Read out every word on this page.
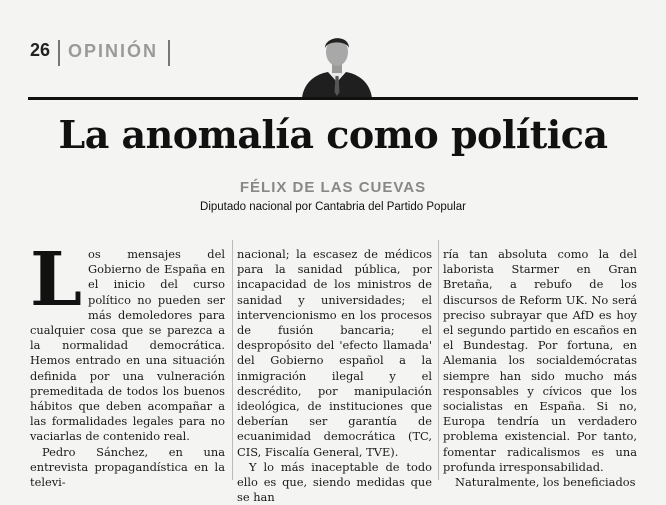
26 OPINIÓN
La anomalía como política
FÉLIX DE LAS CUEVAS
Diputado nacional por Cantabria del Partido Popular

Los mensajes del Gobierno de España en el inicio del curso político no pueden ser más demoledores para cualquier cosa que se parezca a la normalidad democrática. Hemos entrado en una situación definida por una vulneración premeditada de todos los buenos hábitos que deben acompañar a las formalidades legales para no vaciarlas de contenido real.

Pedro Sánchez, en una entrevista propagandística en la televi-

nacional; la escasez de médicos para la sanidad pública, por incapacidad de los ministros de sanidad y universidades; el intervencionismo en los procesos de fusión bancaria; el despropósito del 'efecto llamada' del Gobierno español a la inmigración ilegal y el descrédito, por manipulación ideológica, de instituciones que deberían ser garantía de ecuanimidad democrática (TC, CIS, Fiscalía General, TVE).

Y lo más inaceptable de todo ello es que, siendo medidas que se han

ría tan absoluta como la del laborista Starmer en Gran Bretaña, a rebufo de los discursos de Reform UK. No será preciso subrayar que AfD es hoy el segundo partido en escaños en el Bundestag. Por fortuna, en Alemania los socialdemócratas siempre han sido mucho más responsables y cívicos que los socialistas en España. Si no, Europa tendría un verdadero problema existencial. Por tanto, fomentar radicalismos es una profunda irresponsabilidad.

Naturalmente, los beneficiados
